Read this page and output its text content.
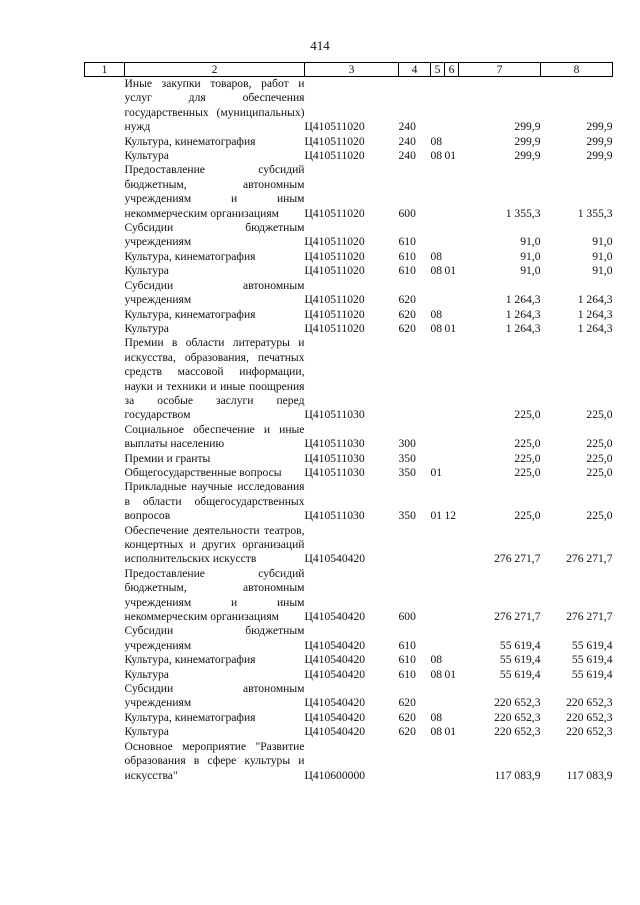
414
1	2	3	4	5	6	7	8
	Иные закупки товаров, работ и услуг для обеспечения государственных (муниципальных) нужд	Ц410511020	240			299,9	299,9
	Культура, кинематография	Ц410511020	240	08		299,9	299,9
	Культура	Ц410511020	240	08	01	299,9	299,9
	Предоставление субсидий бюджетным, автономным учреждениям и иным некоммерческим организациям	Ц410511020	600			1 355,3	1 355,3
	Субсидии бюджетным учреждениям	Ц410511020	610			91,0	91,0
	Культура, кинематография	Ц410511020	610	08		91,0	91,0
	Культура	Ц410511020	610	08	01	91,0	91,0
	Субсидии автономным учреждениям	Ц410511020	620			1 264,3	1 264,3
	Культура, кинематография	Ц410511020	620	08		1 264,3	1 264,3
	Культура	Ц410511020	620	08	01	1 264,3	1 264,3
	Премии в области литературы и искусства, образования, печатных средств массовой информации, науки и техники и иные поощрения за особые заслуги перед государством	Ц410511030				225,0	225,0
	Социальное обеспечение и иные выплаты населению	Ц410511030	300			225,0	225,0
	Премии и гранты	Ц410511030	350			225,0	225,0
	Общегосударственные вопросы	Ц410511030	350	01		225,0	225,0
	Прикладные научные исследования в области общегосударственных вопросов	Ц410511030	350	01	12	225,0	225,0
	Обеспечение деятельности театров, концертных и других организаций исполнительских искусств	Ц410540420				276 271,7	276 271,7
	Предоставление субсидий бюджетным, автономным учреждениям и иным некоммерческим организациям	Ц410540420	600			276 271,7	276 271,7
	Субсидии бюджетным учреждениям	Ц410540420	610			55 619,4	55 619,4
	Культура, кинематография	Ц410540420	610	08		55 619,4	55 619,4
	Культура	Ц410540420	610	08	01	55 619,4	55 619,4
	Субсидии автономным учреждениям	Ц410540420	620			220 652,3	220 652,3
	Культура, кинематография	Ц410540420	620	08		220 652,3	220 652,3
	Культура	Ц410540420	620	08	01	220 652,3	220 652,3
	Основное мероприятие "Развитие образования в сфере культуры и искусства"	Ц410600000				117 083,9	117 083,9
